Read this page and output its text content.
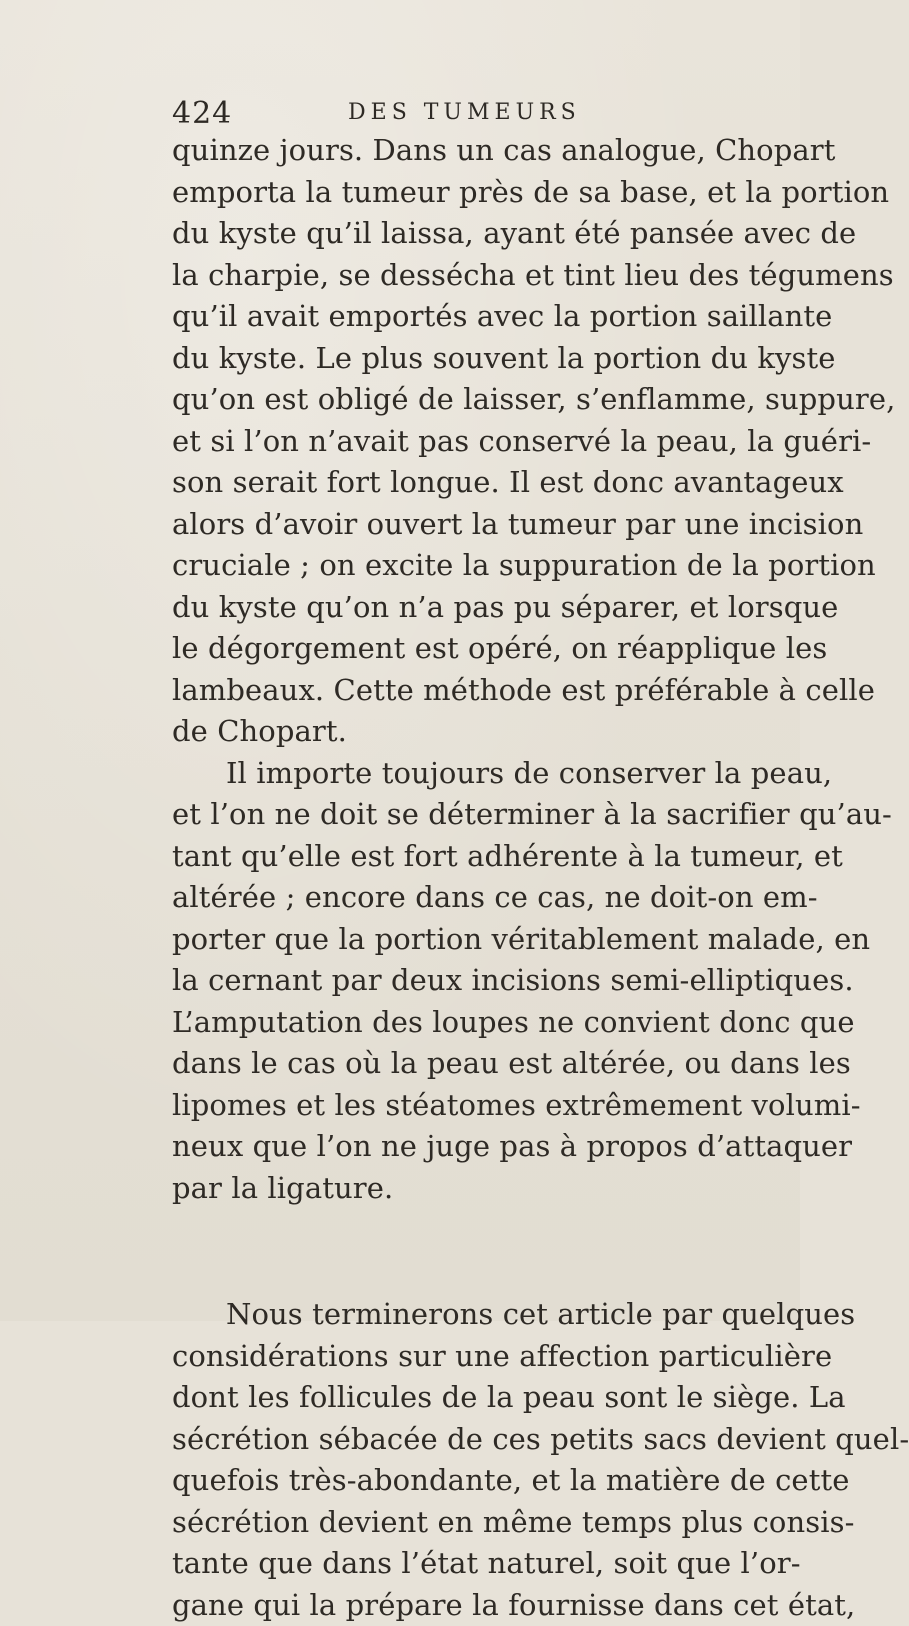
424	DES TUMEURS
quinze jours. Dans un cas analogue, Chopart
emporta la tumeur près de sa base, et la portion
du kyste qu’il laissa, ayant été pansée avec de
la charpie, se dessécha et tint lieu des tégumens
qu’il avait emportés avec la portion saillante
du kyste. Le plus souvent la portion du kyste
qu’on est obligé de laisser, s’enflamme, suppure,
et si l’on n’avait pas conservé la peau, la guéri-
son serait fort longue. Il est donc avantageux
alors d’avoir ouvert la tumeur par une incision
cruciale ; on excite la suppuration de la portion
du kyste qu’on n’a pas pu séparer, et lorsque
le dégorgement est opéré, on réapplique les
lambeaux. Cette méthode est préférable à celle
de Chopart.
Il importe toujours de conserver la peau,
et l’on ne doit se déterminer à la sacrifier qu’au-
tant qu’elle est fort adhérente à la tumeur, et
altérée ; encore dans ce cas, ne doit-on em-
porter que la portion véritablement malade, en
la cernant par deux incisions semi-elliptiques.
L’amputation des loupes ne convient donc que
dans le cas où la peau est altérée, ou dans les
lipomes et les stéatomes extrêmement volumi-
neux que l’on ne juge pas à propos d’attaquer
par la ligature.
Nous terminerons cet article par quelques
considérations sur une affection particulière
dont les follicules de la peau sont le siège. La
sécrétion sébacée de ces petits sacs devient quel-
quefois très-abondante, et la matière de cette
sécrétion devient en même temps plus consis-
tante que dans l’état naturel, soit que l’or-
gane qui la prépare la fournisse dans cet état,
